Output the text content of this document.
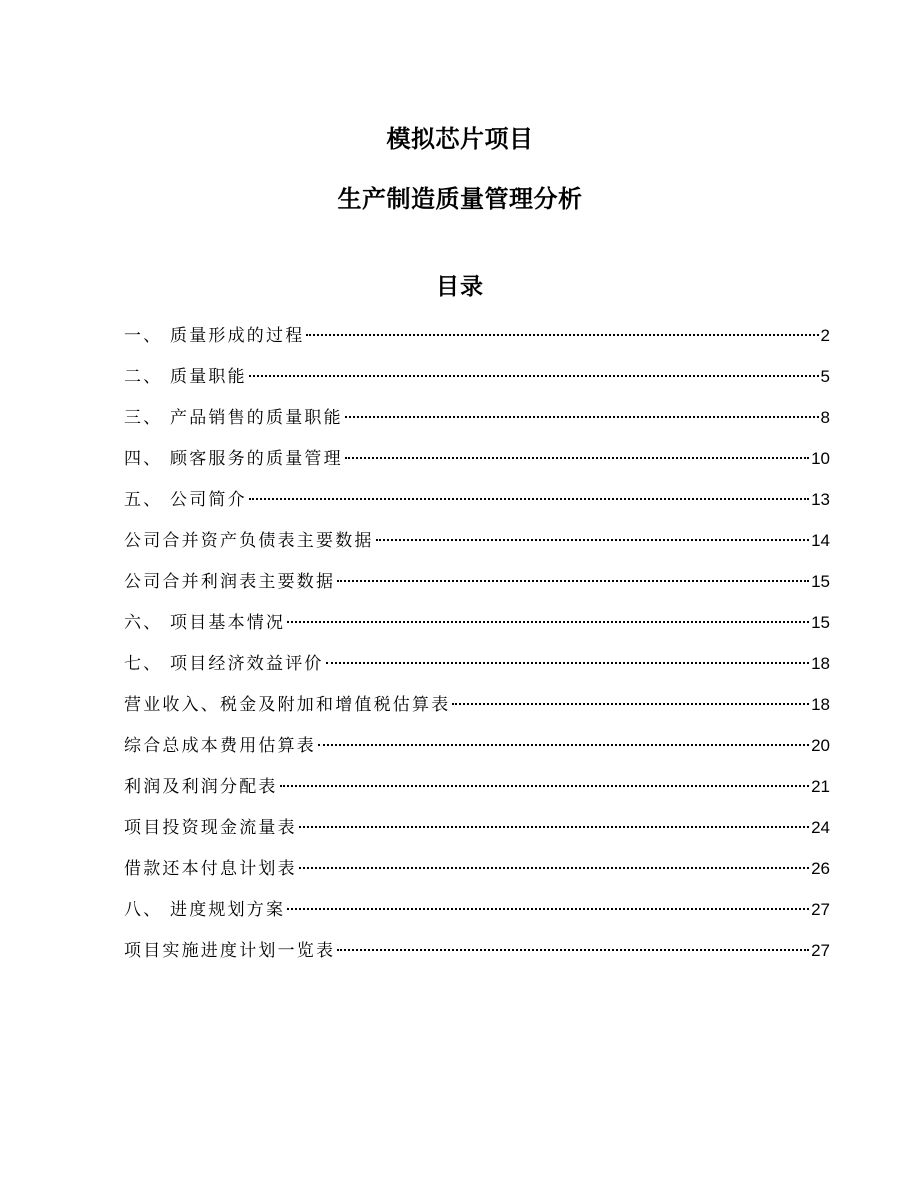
模拟芯片项目
生产制造质量管理分析
目录
一、 质量形成的过程	2
二、 质量职能	5
三、 产品销售的质量职能	8
四、 顾客服务的质量管理	10
五、 公司简介	13
公司合并资产负债表主要数据	14
公司合并利润表主要数据	15
六、 项目基本情况	15
七、 项目经济效益评价	18
营业收入、税金及附加和增值税估算表	18
综合总成本费用估算表	20
利润及利润分配表	21
项目投资现金流量表	24
借款还本付息计划表	26
八、 进度规划方案	27
项目实施进度计划一览表	27
